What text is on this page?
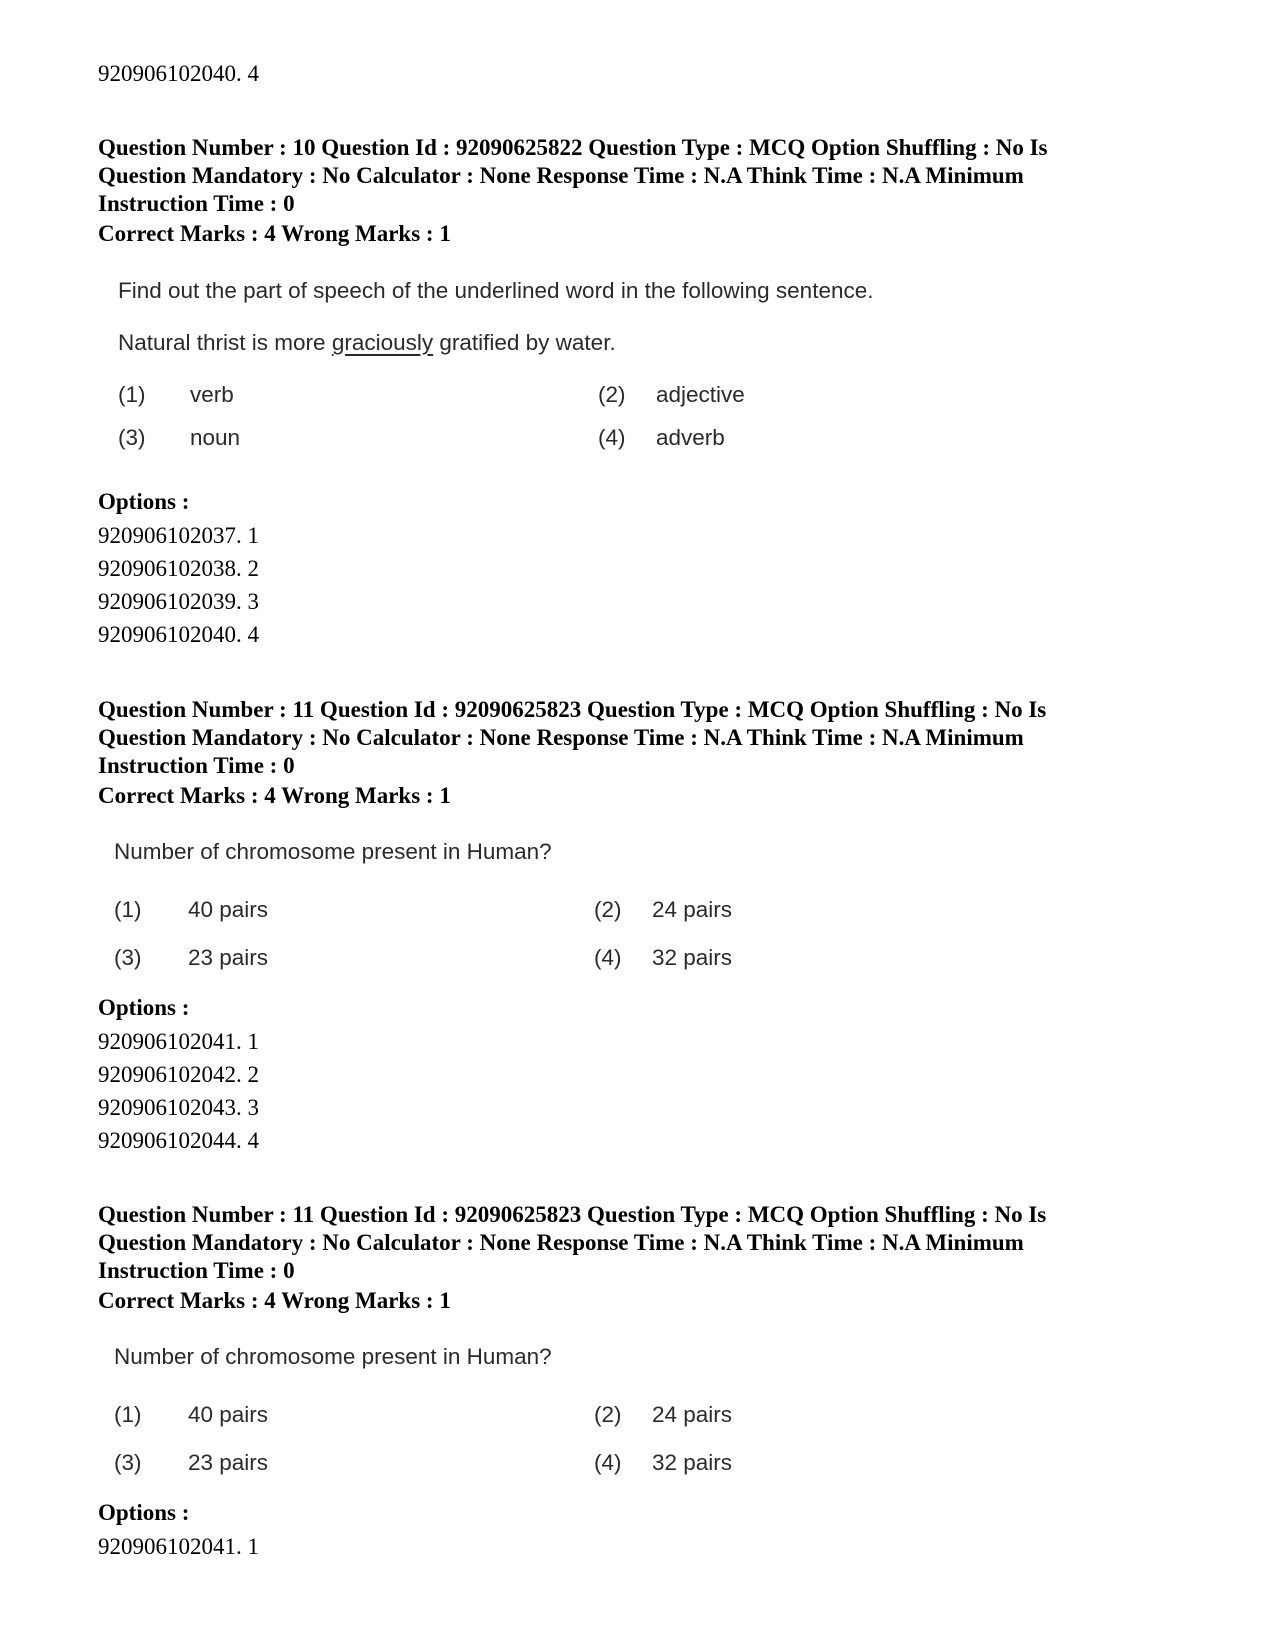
920906102040. 4
Question Number : 10 Question Id : 92090625822 Question Type : MCQ Option Shuffling : No Is Question Mandatory : No Calculator : None Response Time : N.A Think Time : N.A Minimum Instruction Time : 0
Correct Marks : 4 Wrong Marks : 1
Find out the part of speech of the underlined word in the following sentence.
Natural thrist is more graciously gratified by water.
(1) verb	(2) adjective
(3) noun	(4) adverb
Options :
920906102037. 1
920906102038. 2
920906102039. 3
920906102040. 4
Question Number : 11 Question Id : 92090625823 Question Type : MCQ Option Shuffling : No Is Question Mandatory : No Calculator : None Response Time : N.A Think Time : N.A Minimum Instruction Time : 0
Correct Marks : 4 Wrong Marks : 1
Number of chromosome present in Human?
(1) 40 pairs	(2) 24 pairs
(3) 23 pairs	(4) 32 pairs
Options :
920906102041. 1
920906102042. 2
920906102043. 3
920906102044. 4
Question Number : 11 Question Id : 92090625823 Question Type : MCQ Option Shuffling : No Is Question Mandatory : No Calculator : None Response Time : N.A Think Time : N.A Minimum Instruction Time : 0
Correct Marks : 4 Wrong Marks : 1
Number of chromosome present in Human?
(1) 40 pairs	(2) 24 pairs
(3) 23 pairs	(4) 32 pairs
Options :
920906102041. 1
